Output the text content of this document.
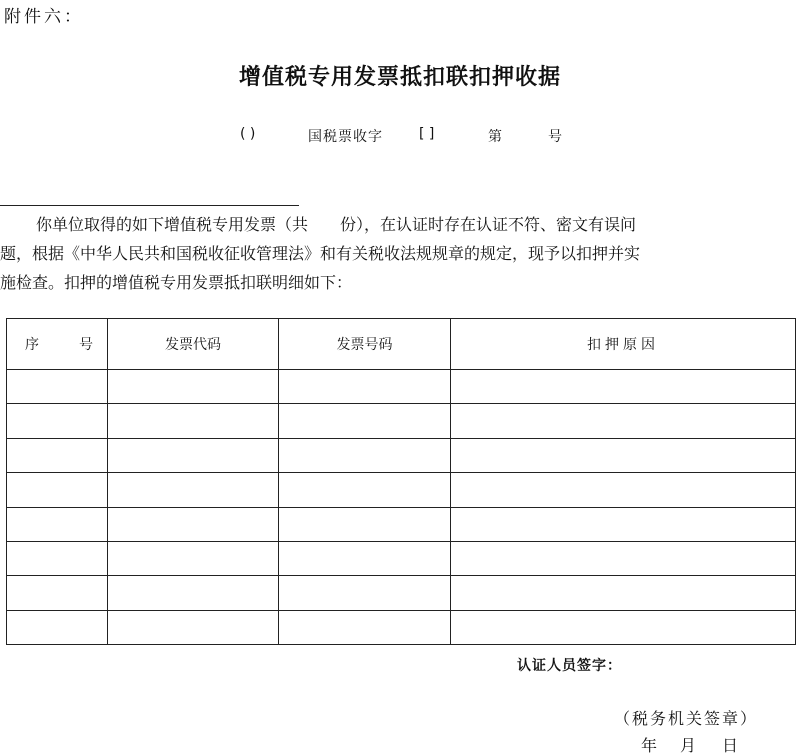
附件六：
增值税专用发票抵扣联扣押收据
( )	国税票收字	[ ]	第	号

你单位取得的如下增值税专用发票（共　　份），在认证时存在认证不符、密文有误问
题，根据《中华人民共和国税收征收管理法》和有关税收法规规章的规定，现予以扣押并实
施检查。扣押的增值税专用发票抵扣联明细如下：

序 号	发票代码	发票号码	扣押原因

认证人员签字：
（税务机关签章）
年 月 日
